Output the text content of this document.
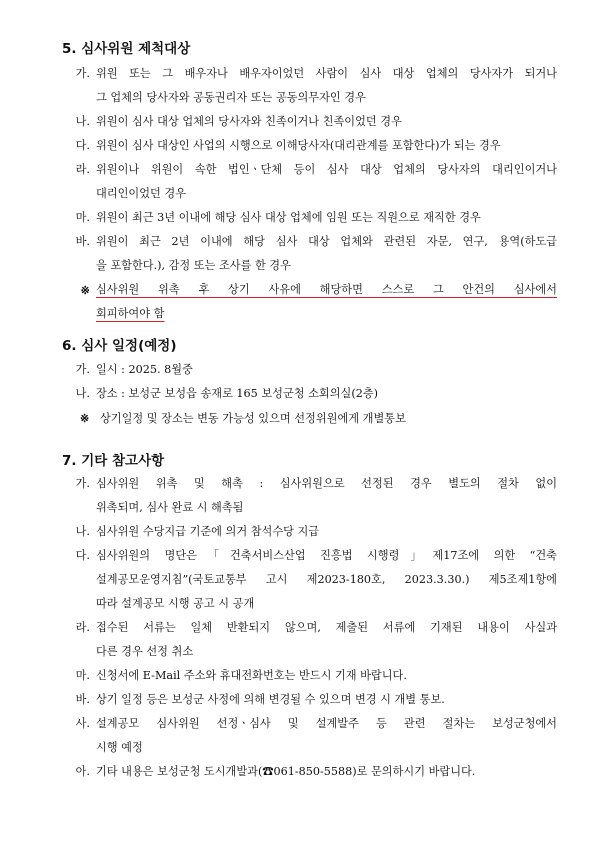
5. 심사위원 제척대상
가. 위원 또는 그 배우자나 배우자이었던 사람이 심사 대상 업체의 당사자가 되거나
그 업체의 당사자와 공동권리자 또는 공동의무자인 경우
나. 위원이 심사 대상 업체의 당사자와 친족이거나 친족이었던 경우
다. 위원이 심사 대상인 사업의 시행으로 이해당사자(대리관계를 포함한다)가 되는 경우
라. 위원이나 위원이 속한 법인ㆍ단체 등이 심사 대상 업체의 당사자의 대리인이거나
대리인이었던 경우
마. 위원이 최근 3년 이내에 해당 심사 대상 업체에 임원 또는 직원으로 재직한 경우
바. 위원이 최근 2년 이내에 해당 심사 대상 업체와 관련된 자문, 연구, 용역(하도급
을 포함한다.), 감정 또는 조사를 한 경우
※ 심사위원 위촉 후 상기 사유에 해당하면 스스로 그 안건의 심사에서
회피하여야 함
6. 심사 일정(예정)
가. 일시 : 2025. 8월중
나. 장소 : 보성군 보성읍 송재로 165 보성군청 소회의실(2층)
※ 상기일정 및 장소는 변동 가능성 있으며 선정위원에게 개별통보
7. 기타 참고사항
가. 심사위원 위촉 및 해촉 : 심사위원으로 선정된 경우 별도의 절차 없이
위촉되며, 심사 완료 시 해촉됨
나. 심사위원 수당지급 기준에 의거 참석수당 지급
다. 심사위원의 명단은「건축서비스산업 진흥법 시행령」제17조에 의한 “건축
설계공모운영지침”(국토교통부 고시 제2023-180호, 2023.3.30.) 제5조제1항에
따라 설계공모 시행 공고 시 공개
라. 접수된 서류는 일체 반환되지 않으며, 제출된 서류에 기재된 내용이 사실과
다른 경우 선정 취소
마. 신청서에 E-Mail 주소와 휴대전화번호는 반드시 기재 바랍니다.
바. 상기 일정 등은 보성군 사정에 의해 변경될 수 있으며 변경 시 개별 통보.
사. 설계공모 심사위원 선정ㆍ심사 및 설계발주 등 관련 절차는 보성군청에서
시행 예정
아. 기타 내용은 보성군청 도시개발과(☎061-850-5588)로 문의하시기 바랍니다.
